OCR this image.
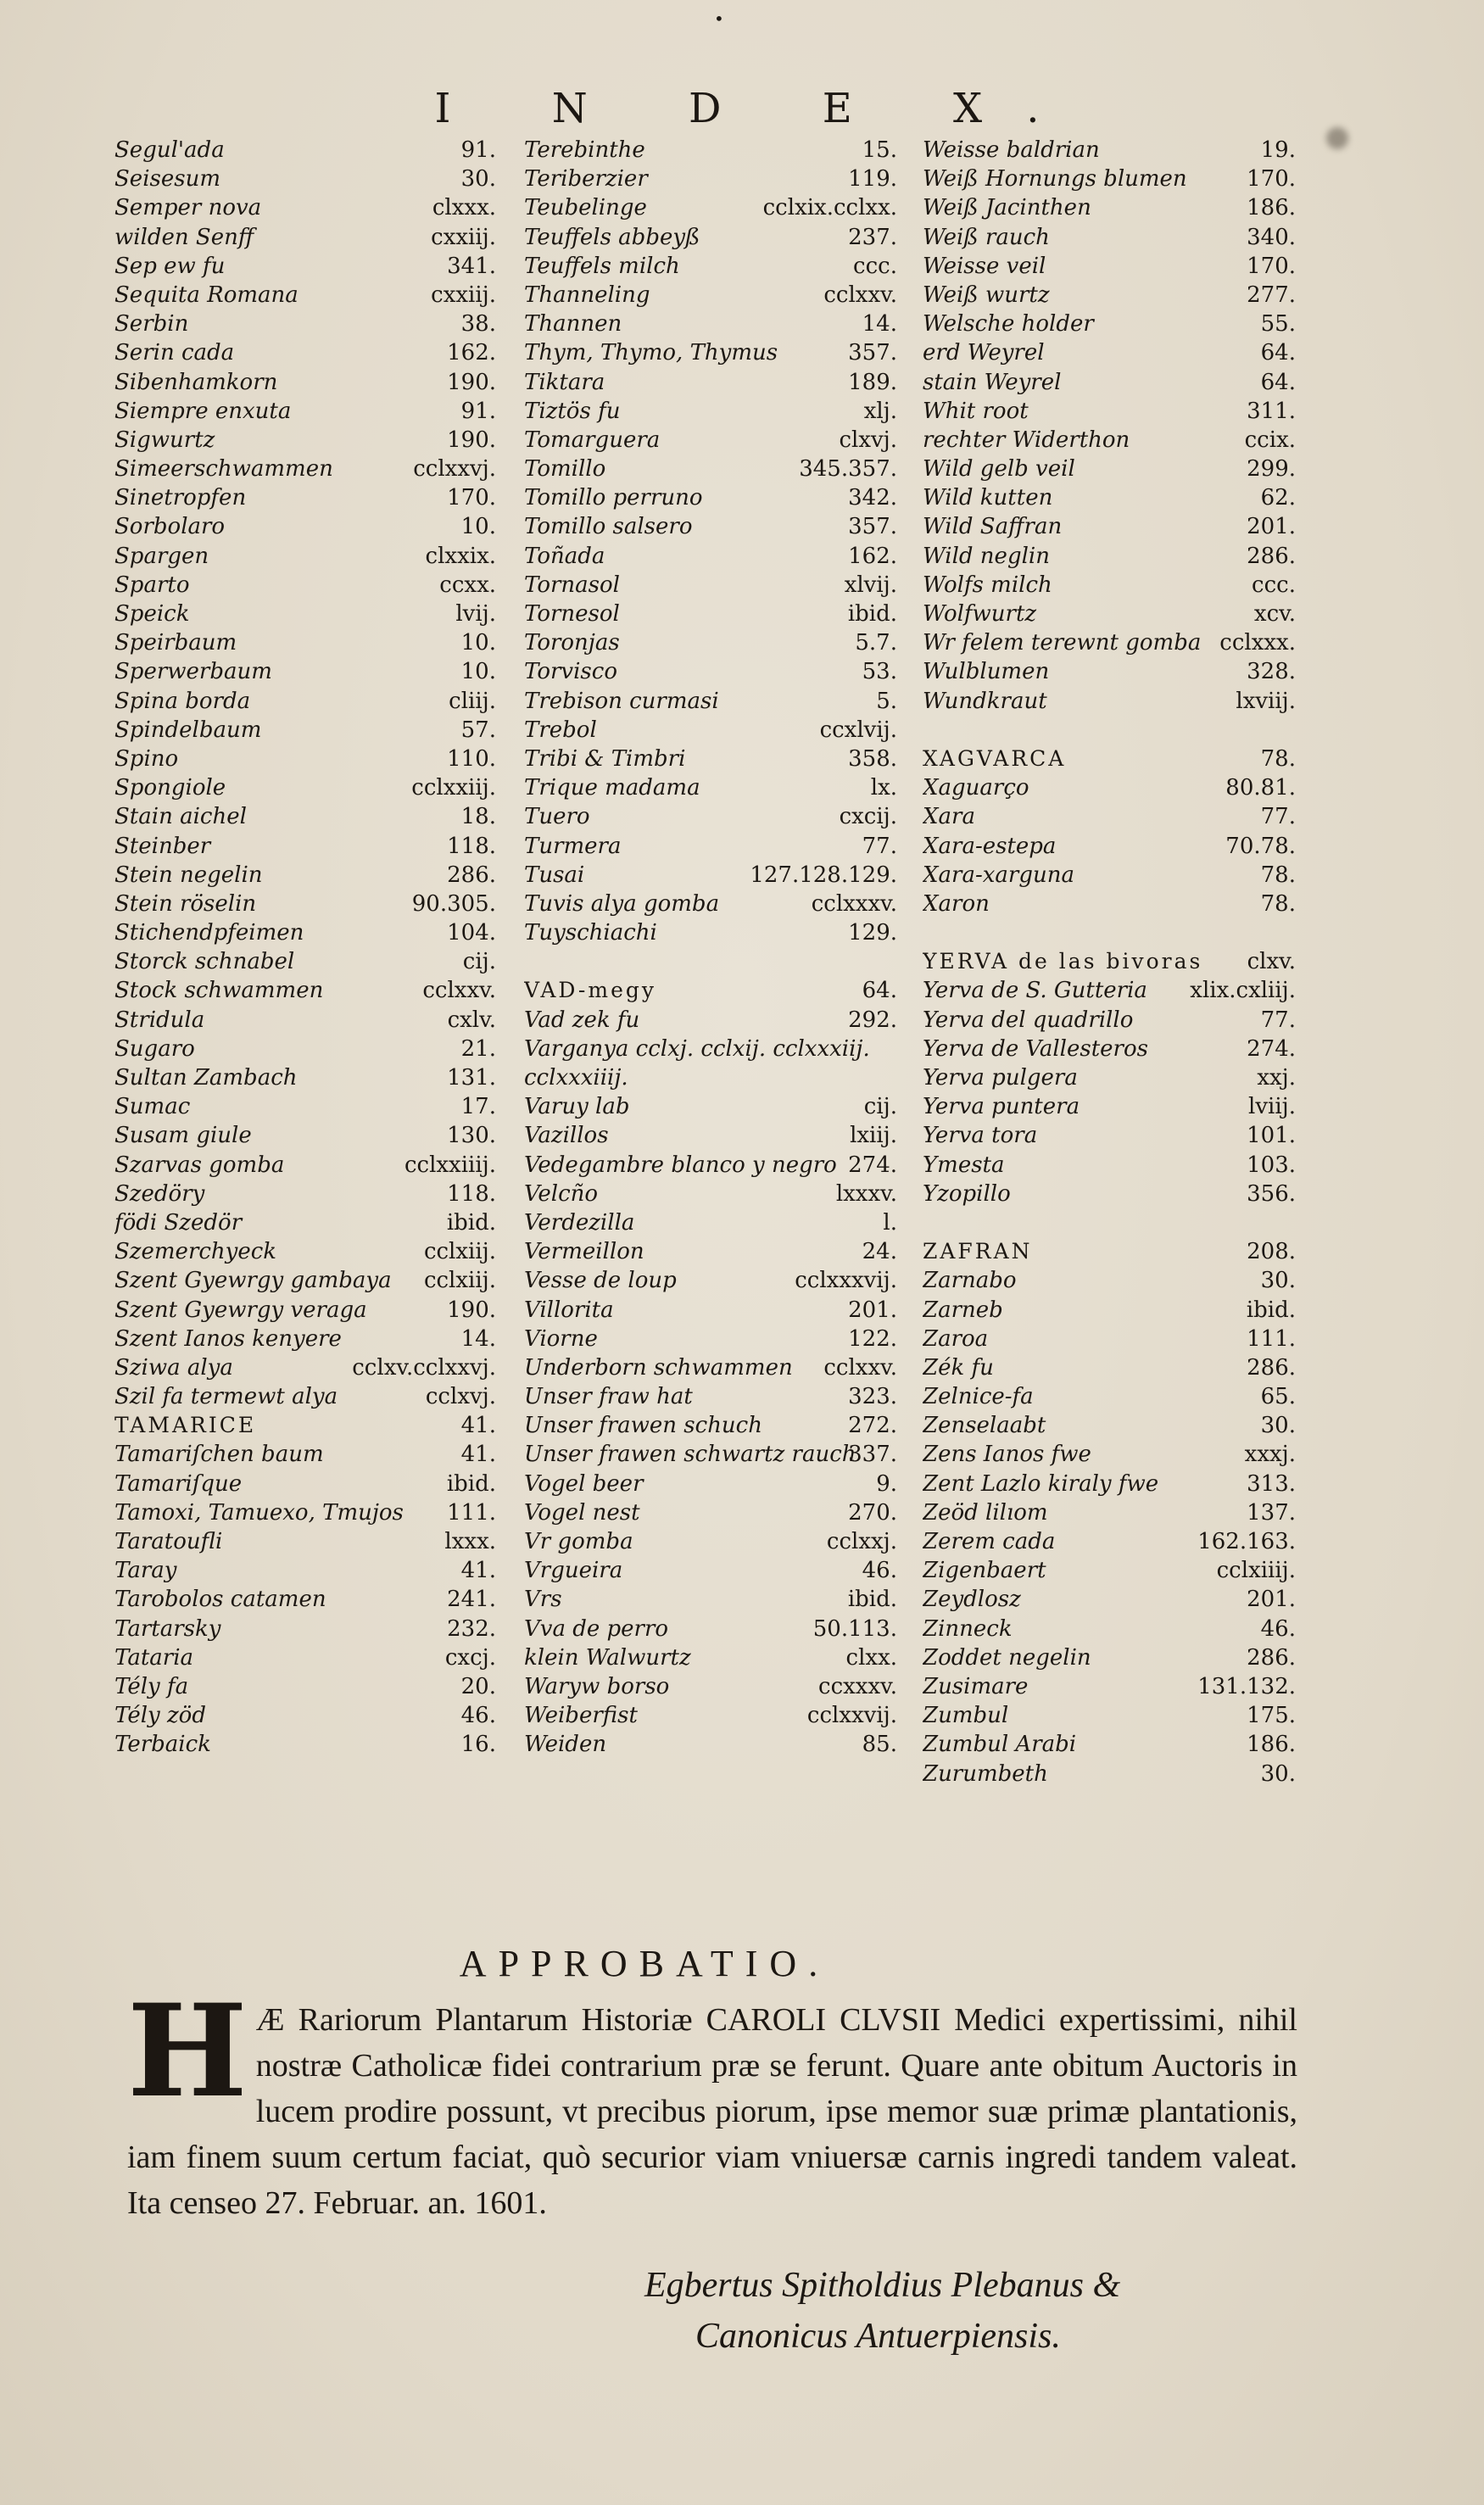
•
I N D E X.
Segul'ada	91.
Seisesum	30.
Semper nova	clxxx.
wilden Senff	cxxiij.
Sep ew fu	341.
Sequita Romana	cxxiij.
Serbin	38.
Serin cada	162.
Sibenhamkorn	190.
Siempre enxuta	91.
Sigwurtz	190.
Simeerschwammen	cclxxvj.
Sinetropfen	170.
Sorbolaro	10.
Spargen	clxxix.
Sparto	ccxx.
Speick	lvij.
Speirbaum	10.
Sperwerbaum	10.
Spina borda	cliij.
Spindelbaum	57.
Spino	110.
Spongiole	cclxxiij.
Stain aichel	18.
Steinber	118.
Stein negelin	286.
Stein röselin	90.305.
Stichendpfeimen	104.
Storck schnabel	cij.
Stock schwammen	cclxxv.
Stridula	cxlv.
Sugaro	21.
Sultan Zambach	131.
Sumac	17.
Susam giule	130.
Szarvas gomba	cclxxiiij.
Szedöry	118.
födi Szedör	ibid.
Szemerchyeck	cclxiij.
Szent Gyewrgy gambaya cclxiij.
Szent Gyewrgy veraga	190.
Szent Ianos kenyere	14.
Sziwa alya	cclxv.cclxxvj.
Szil fa termewt alya	cclxvj.
TAMARICE	41.
Tamariſchen baum	41.
Tamariſque	ibid.
Tamoxi, Tamuexo, Tmujos 111.
Taratoufli	lxxx.
Taray	41.
Tarobolos catamen	241.
Tartarsky	232.
Tataria	cxcj.
Tély fa	20.
Tély zöd	46.
Terbaick	16.
Terebinthe	15.
Teriberzier	119.
Teubelinge	cclxix.cclxx.
Teuffels abbeyß	237.
Teuffels milch	ccc.
Thanneling	cclxxv.
Thannen	14.
Thym, Thymo, Thymus	357.
Tiktara	189.
Tiztös fu	xlj.
Tomarguera	clxvj.
Tomillo	345.357.
Tomillo perruno	342.
Tomillo salsero	357.
Toñada	162.
Tornasol	xlvij.
Tornesol	ibid.
Toronjas	5.7.
Torvisco	53.
Trebison curmasi	5.
Trebol	ccxlvij.
Tribi & Timbri	358.
Trique madama	lx.
Tuero	cxcij.
Turmera	77.
Tusai	127.128.129.
Tuvis alya gomba	cclxxxv.
Tuyschiachi	129.
VAD-megy	64.
Vad zek fu	292.
Varganya cclxj. cclxij. cclxxxiij.
cclxxxiiij.
Varuy lab	cij.
Vazillos	lxiij.
Vedegambre blanco y negro 274.
Velcño	lxxxv.
Verdezilla	l.
Vermeillon	24.
Vesse de loup	cclxxxvij.
Villorita	201.
Viorne	122.
Underborn schwammen cclxxv.
Unser fraw hat	323.
Unser frawen schuch	272.
Unser frawen schwartz rauch
337.
Vogel beer	9.
Vogel nest	270.
Vr gomba	cclxxj.
Vrgueira	46.
Vrs	ibid.
Vva de perro	50.113.
klein Walwurtz	clxx.
Waryw borso	ccxxxv.
Weiberfist	cclxxvij.
Weiden	85.
Weisse baldrian	19.
Weiß Hornungs blumen	170.
Weiß Jacinthen	186.
Weiß rauch	340.
Weisse veil	170.
Weiß wurtz	277.
Welsche holder	55.
erd Weyrel	64.
stain Weyrel	64.
Whit root	311.
rechter Widerthon	ccix.
Wild gelb veil	299.
Wild kutten	62.
Wild Saffran	201.
Wild neglin	286.
Wolfs milch	ccc.
Wolfwurtz	xcv.
Wr felem terewnt gomba cclxxx.
Wulblumen	328.
Wundkraut	lxviij.
XAGVARCA	78.
Xaguarço	80.81.
Xara	77.
Xara-estepa	70.78.
Xara-xarguna	78.
Xaron	78.
YERVA de las bivoras clxv.
Yerva de S. Gutteria xlix.cxliij.
Yerva del quadrillo	77.
Yerva de Vallesteros	274.
Yerva pulgera	xxj.
Yerva puntera	lviij.
Yerva tora	101.
Ymesta	103.
Yzopillo	356.
ZAFRAN	208.
Zarnabo	30.
Zarneb	ibid.
Zaroa	111.
Zék fu	286.
Zelnice-fa	65.
Zenselaabt	30.
Zens Ianos fwe	xxxj.
Zent Lazlo kiraly fwe	313.
Zeöd lilıom	137.
Zerem cada	162.163.
Zigenbaert	cclxiiij.
Zeydlosz	201.
Zinneck	46.
Zoddet negelin	286.
Zusimare	131.132.
Zumbul	175.
Zumbul Arabi	186.
Zurumbeth	30.
APPROBATIO.
H Æ Rariorum Plantarum Historiæ CAROLI CLVSII Medici expertissimi, nihil nostræ Catholicæ fidei contrarium præ se ferunt. Quare ante obitum Auctoris in lucem prodire possunt, vt precibus piorum, ipse memor suæ primæ plantationis, iam finem suum certum faciat, quò securior viam vniuersæ carnis ingredi tandem valeat. Ita censeo 27. Februar. an. 1601.
Egbertus Spitholdius Plebanus &
Canonicus Antuerpiensis.
